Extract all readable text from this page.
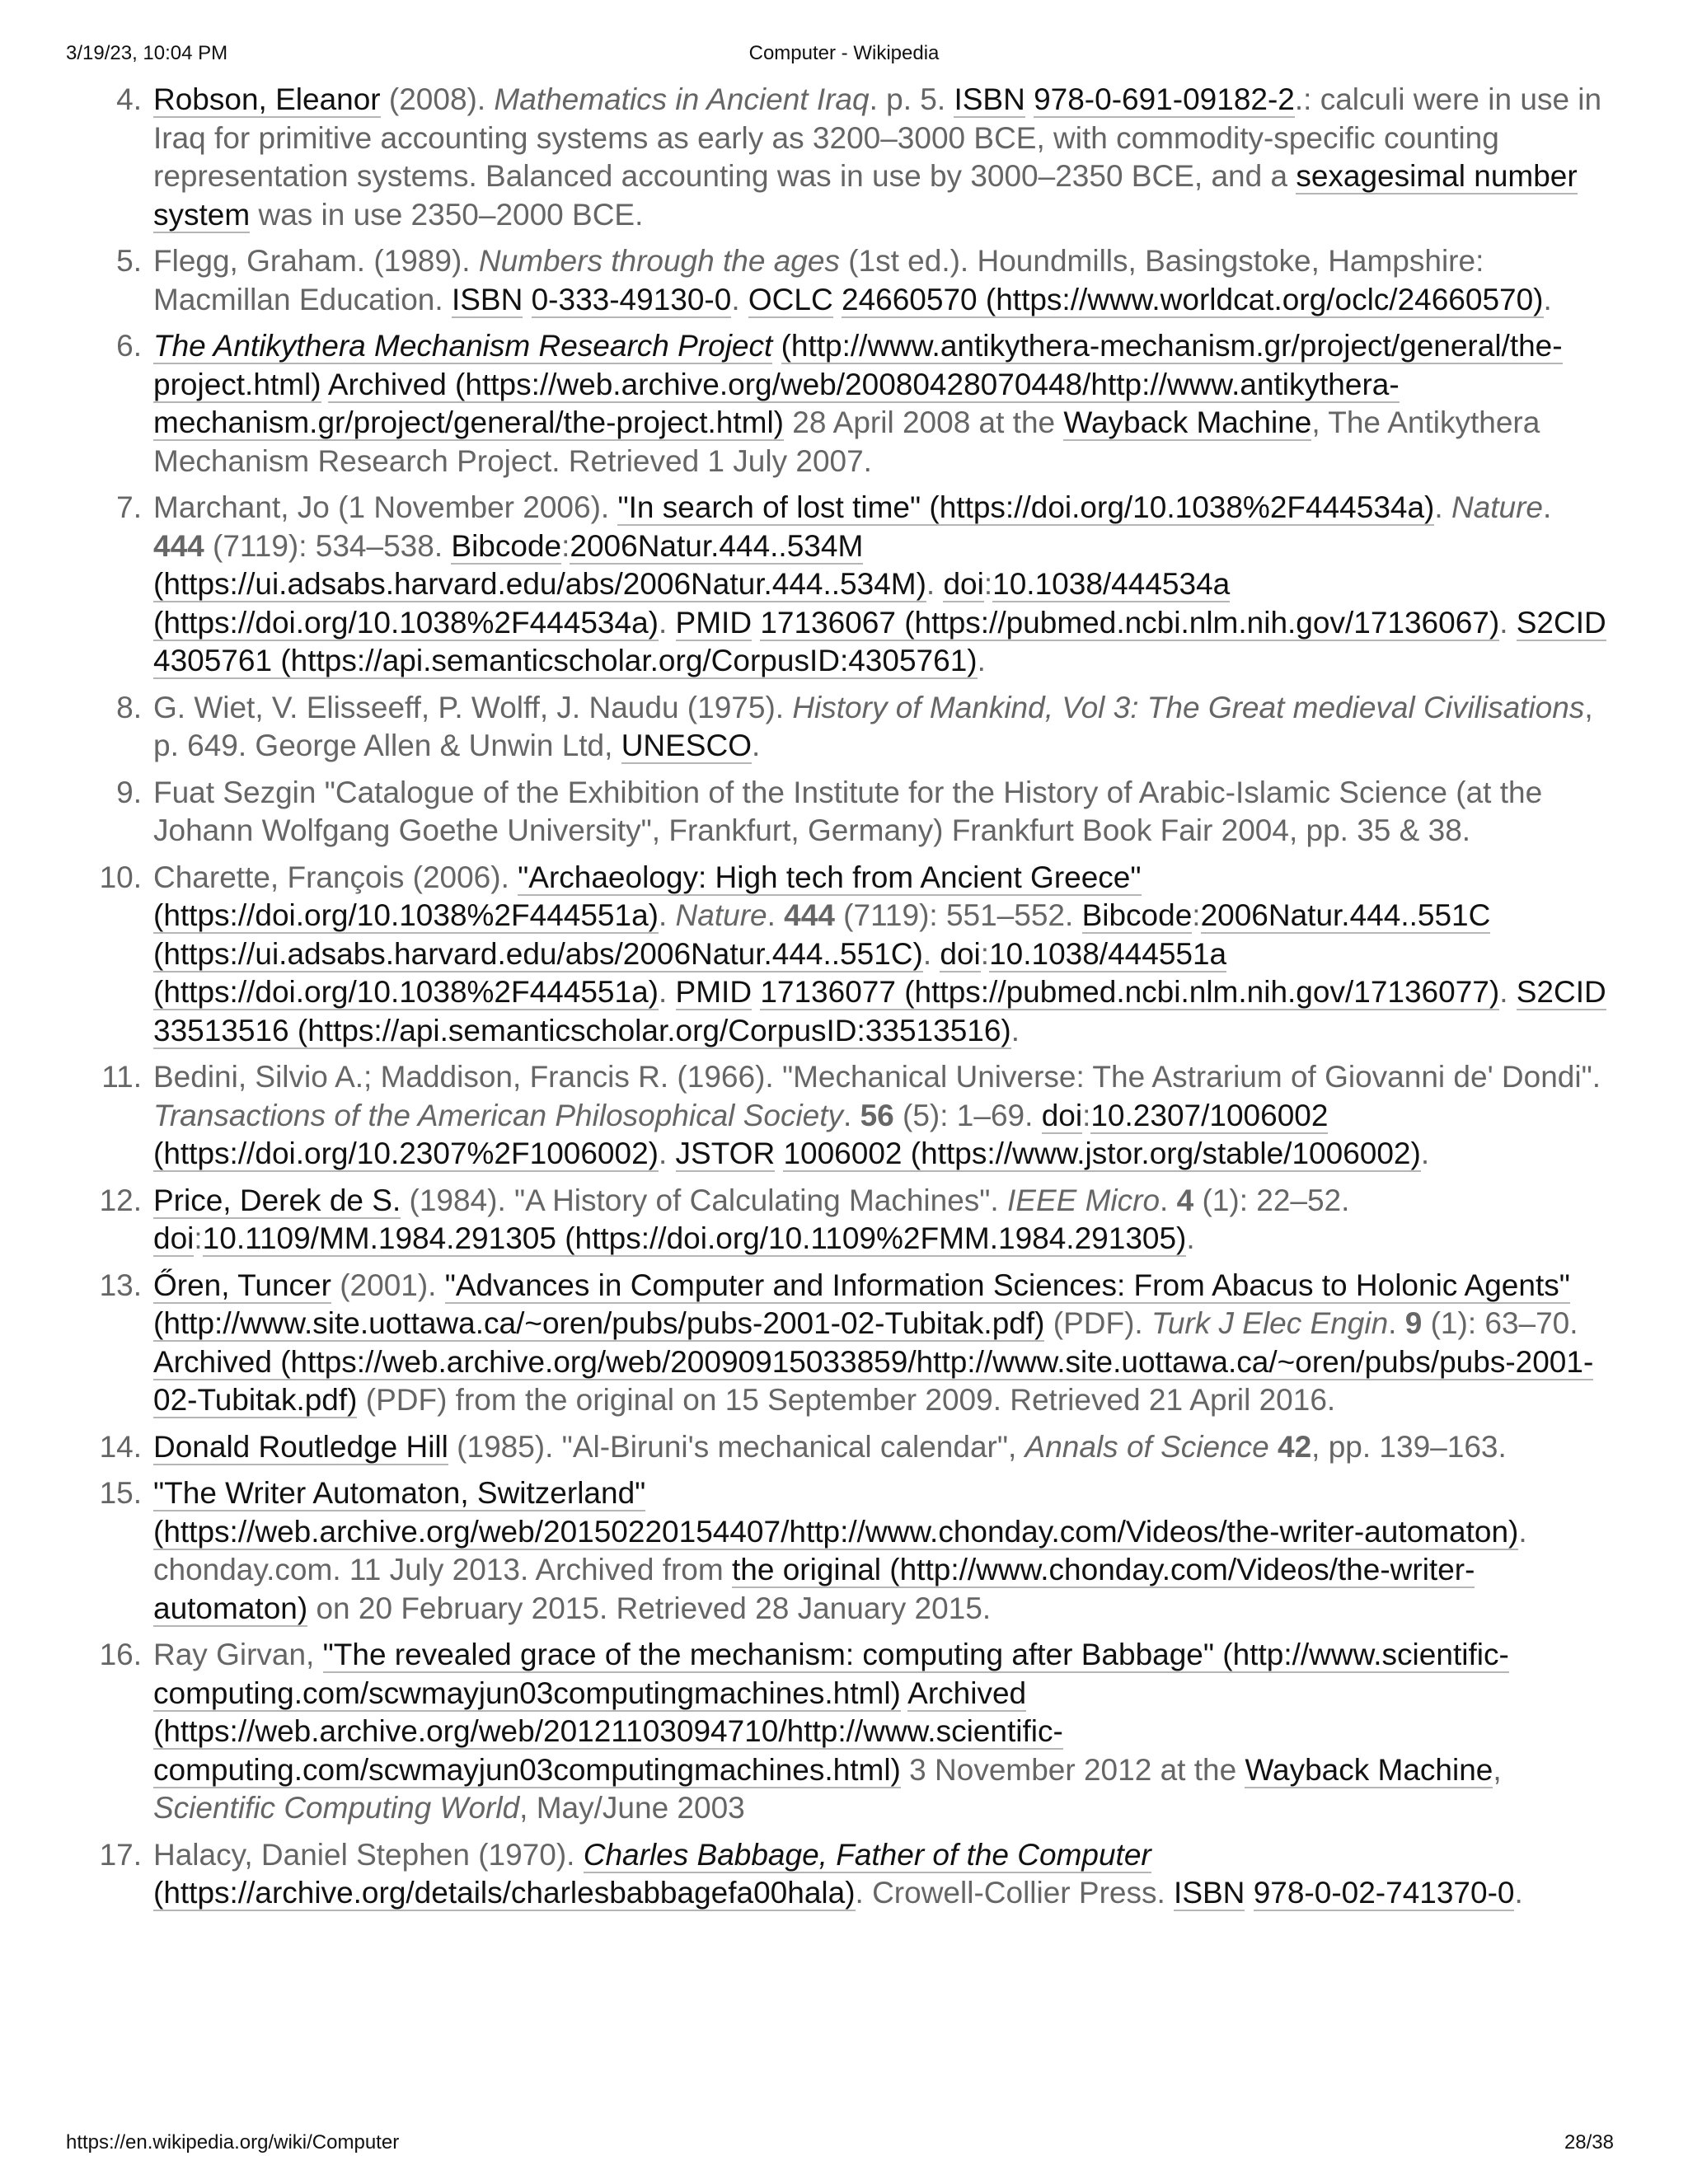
3/19/23, 10:04 PM	Computer - Wikipedia
4. Robson, Eleanor (2008). Mathematics in Ancient Iraq. p. 5. ISBN 978-0-691-09182-2.: calculi were in use in Iraq for primitive accounting systems as early as 3200–3000 BCE, with commodity-specific counting representation systems. Balanced accounting was in use by 3000–2350 BCE, and a sexagesimal number system was in use 2350–2000 BCE.
5. Flegg, Graham. (1989). Numbers through the ages (1st ed.). Houndmills, Basingstoke, Hampshire: Macmillan Education. ISBN 0-333-49130-0. OCLC 24660570 (https://www.worldcat.org/oclc/24660570).
6. The Antikythera Mechanism Research Project (http://www.antikythera-mechanism.gr/project/general/the-project.html) Archived (https://web.archive.org/web/20080428070448/http://www.antikythera-mechanism.gr/project/general/the-project.html) 28 April 2008 at the Wayback Machine, The Antikythera Mechanism Research Project. Retrieved 1 July 2007.
7. Marchant, Jo (1 November 2006). "In search of lost time" (https://doi.org/10.1038%2F444534a). Nature. 444 (7119): 534–538. Bibcode:2006Natur.444..534M (https://ui.adsabs.harvard.edu/abs/2006Natur.444..534M). doi:10.1038/444534a (https://doi.org/10.1038%2F444534a). PMID 17136067 (https://pubmed.ncbi.nlm.nih.gov/17136067). S2CID 4305761 (https://api.semanticscholar.org/CorpusID:4305761).
8. G. Wiet, V. Elisseeff, P. Wolff, J. Naudu (1975). History of Mankind, Vol 3: The Great medieval Civilisations, p. 649. George Allen & Unwin Ltd, UNESCO.
9. Fuat Sezgin "Catalogue of the Exhibition of the Institute for the History of Arabic-Islamic Science (at the Johann Wolfgang Goethe University", Frankfurt, Germany) Frankfurt Book Fair 2004, pp. 35 & 38.
10. Charette, François (2006). "Archaeology: High tech from Ancient Greece" (https://doi.org/10.1038%2F444551a). Nature. 444 (7119): 551–552. Bibcode:2006Natur.444..551C (https://ui.adsabs.harvard.edu/abs/2006Natur.444..551C). doi:10.1038/444551a (https://doi.org/10.1038%2F444551a). PMID 17136077 (https://pubmed.ncbi.nlm.nih.gov/17136077). S2CID 33513516 (https://api.semanticscholar.org/CorpusID:33513516).
11. Bedini, Silvio A.; Maddison, Francis R. (1966). "Mechanical Universe: The Astrarium of Giovanni de' Dondi". Transactions of the American Philosophical Society. 56 (5): 1–69. doi:10.2307/1006002 (https://doi.org/10.2307%2F1006002). JSTOR 1006002 (https://www.jstor.org/stable/1006002).
12. Price, Derek de S. (1984). "A History of Calculating Machines". IEEE Micro. 4 (1): 22–52. doi:10.1109/MM.1984.291305 (https://doi.org/10.1109%2FMM.1984.291305).
13. Őren, Tuncer (2001). "Advances in Computer and Information Sciences: From Abacus to Holonic Agents" (http://www.site.uottawa.ca/~oren/pubs/pubs-2001-02-Tubitak.pdf) (PDF). Turk J Elec Engin. 9 (1): 63–70. Archived (https://web.archive.org/web/20090915033859/http://www.site.uottawa.ca/~oren/pubs/pubs-2001-02-Tubitak.pdf) (PDF) from the original on 15 September 2009. Retrieved 21 April 2016.
14. Donald Routledge Hill (1985). "Al-Biruni's mechanical calendar", Annals of Science 42, pp. 139–163.
15. "The Writer Automaton, Switzerland" (https://web.archive.org/web/20150220154407/http://www.chonday.com/Videos/the-writer-automaton). chonday.com. 11 July 2013. Archived from the original (http://www.chonday.com/Videos/the-writer-automaton) on 20 February 2015. Retrieved 28 January 2015.
16. Ray Girvan, "The revealed grace of the mechanism: computing after Babbage" (http://www.scientific-computing.com/scwmayjun03computingmachines.html) Archived (https://web.archive.org/web/20121103094710/http://www.scientific-computing.com/scwmayjun03computingmachines.html) 3 November 2012 at the Wayback Machine, Scientific Computing World, May/June 2003
17. Halacy, Daniel Stephen (1970). Charles Babbage, Father of the Computer (https://archive.org/details/charlesbabbagefa00hala). Crowell-Collier Press. ISBN 978-0-02-741370-0.
https://en.wikipedia.org/wiki/Computer	28/38
